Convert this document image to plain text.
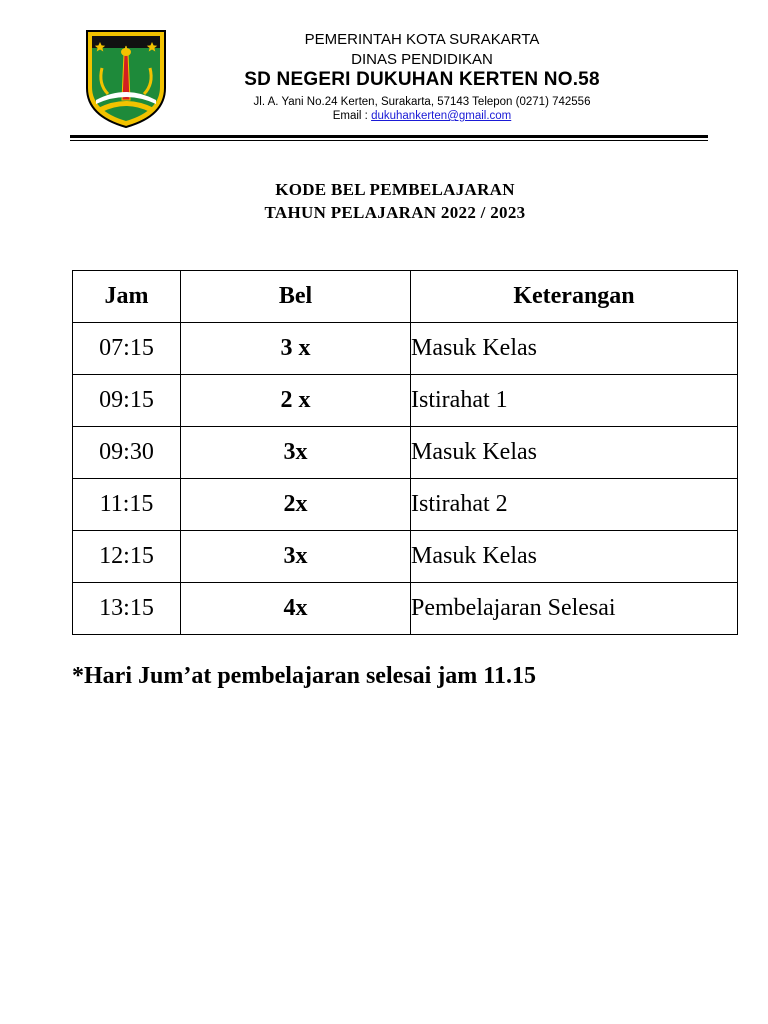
PEMERINTAH KOTA SURAKARTA
DINAS PENDIDIKAN
SD NEGERI DUKUHAN KERTEN NO.58
Jl. A. Yani No.24 Kerten, Surakarta, 57143 Telepon (0271) 742556
Email : dukuhankerten@gmail.com
KODE BEL PEMBELAJARAN
TAHUN PELAJARAN 2022 / 2023
Jam	Bel	Keterangan
07:15	3 x	Masuk Kelas
09:15	2 x	Istirahat 1
09:30	3x	Masuk Kelas
11:15	2x	Istirahat 2
12:15	3x	Masuk Kelas
13:15	4x	Pembelajaran Selesai
*Hari Jum’at pembelajaran selesai jam 11.15
